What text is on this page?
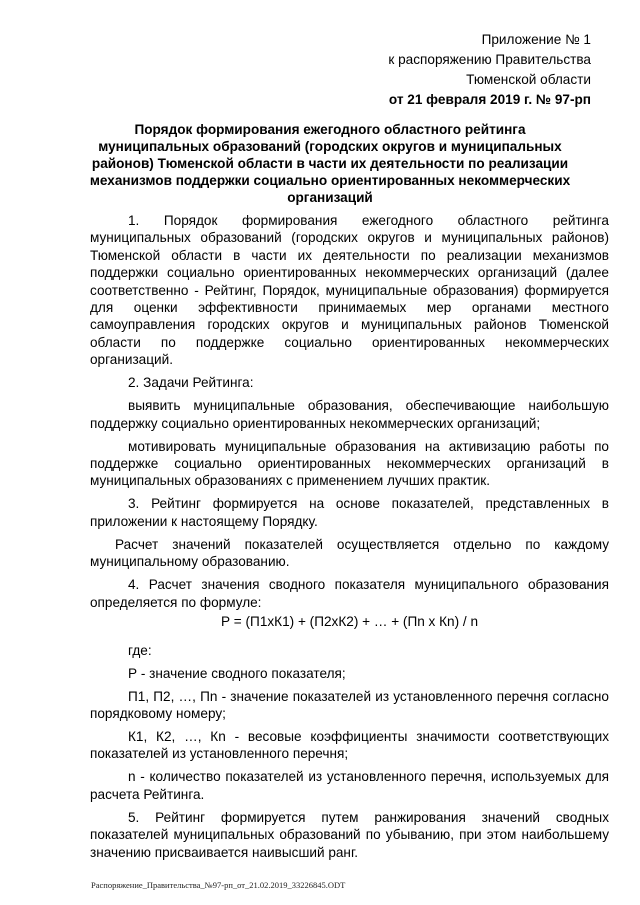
Приложение № 1
к распоряжению Правительства
Тюменской области
от 21 февраля 2019 г. № 97-рп
Порядок формирования ежегодного областного рейтинга муниципальных образований (городских округов и муниципальных районов) Тюменской области в части их деятельности по реализации механизмов поддержки социально ориентированных некоммерческих организаций

1. Порядок формирования ежегодного областного рейтинга муниципальных образований (городских округов и муниципальных районов) Тюменской области в части их деятельности по реализации механизмов поддержки социально ориентированных некоммерческих организаций (далее соответственно - Рейтинг, Порядок, муниципальные образования) формируется для оценки эффективности принимаемых мер органами местного самоуправления городских округов и муниципальных районов Тюменской области по поддержке социально ориентированных некоммерческих организаций.

2. Задачи Рейтинга:

выявить муниципальные образования, обеспечивающие наибольшую поддержку социально ориентированных некоммерческих организаций;

мотивировать муниципальные образования на активизацию работы по поддержке социально ориентированных некоммерческих организаций в муниципальных образованиях с применением лучших практик.

3. Рейтинг формируется на основе показателей, представленных в приложении к настоящему Порядку.

Расчет значений показателей осуществляется отдельно по каждому муниципальному образованию.

4. Расчет значения сводного показателя муниципального образования определяется по формуле:

Р = (П1хК1) + (П2хК2) + … + (Пn х Кn) / n

где:

Р - значение сводного показателя;

П1, П2, …, Пn - значение показателей из установленного перечня согласно порядковому номеру;

К1, К2, …, Кn - весовые коэффициенты значимости соответствующих показателей из установленного перечня;

n - количество показателей из установленного перечня, используемых для расчета Рейтинга.

5. Рейтинг формируется путем ранжирования значений сводных показателей муниципальных образований по убыванию, при этом наибольшему значению присваивается наивысший ранг.

Распоряжение_Правительства_№97-рп_от_21.02.2019_33226845.ODT
